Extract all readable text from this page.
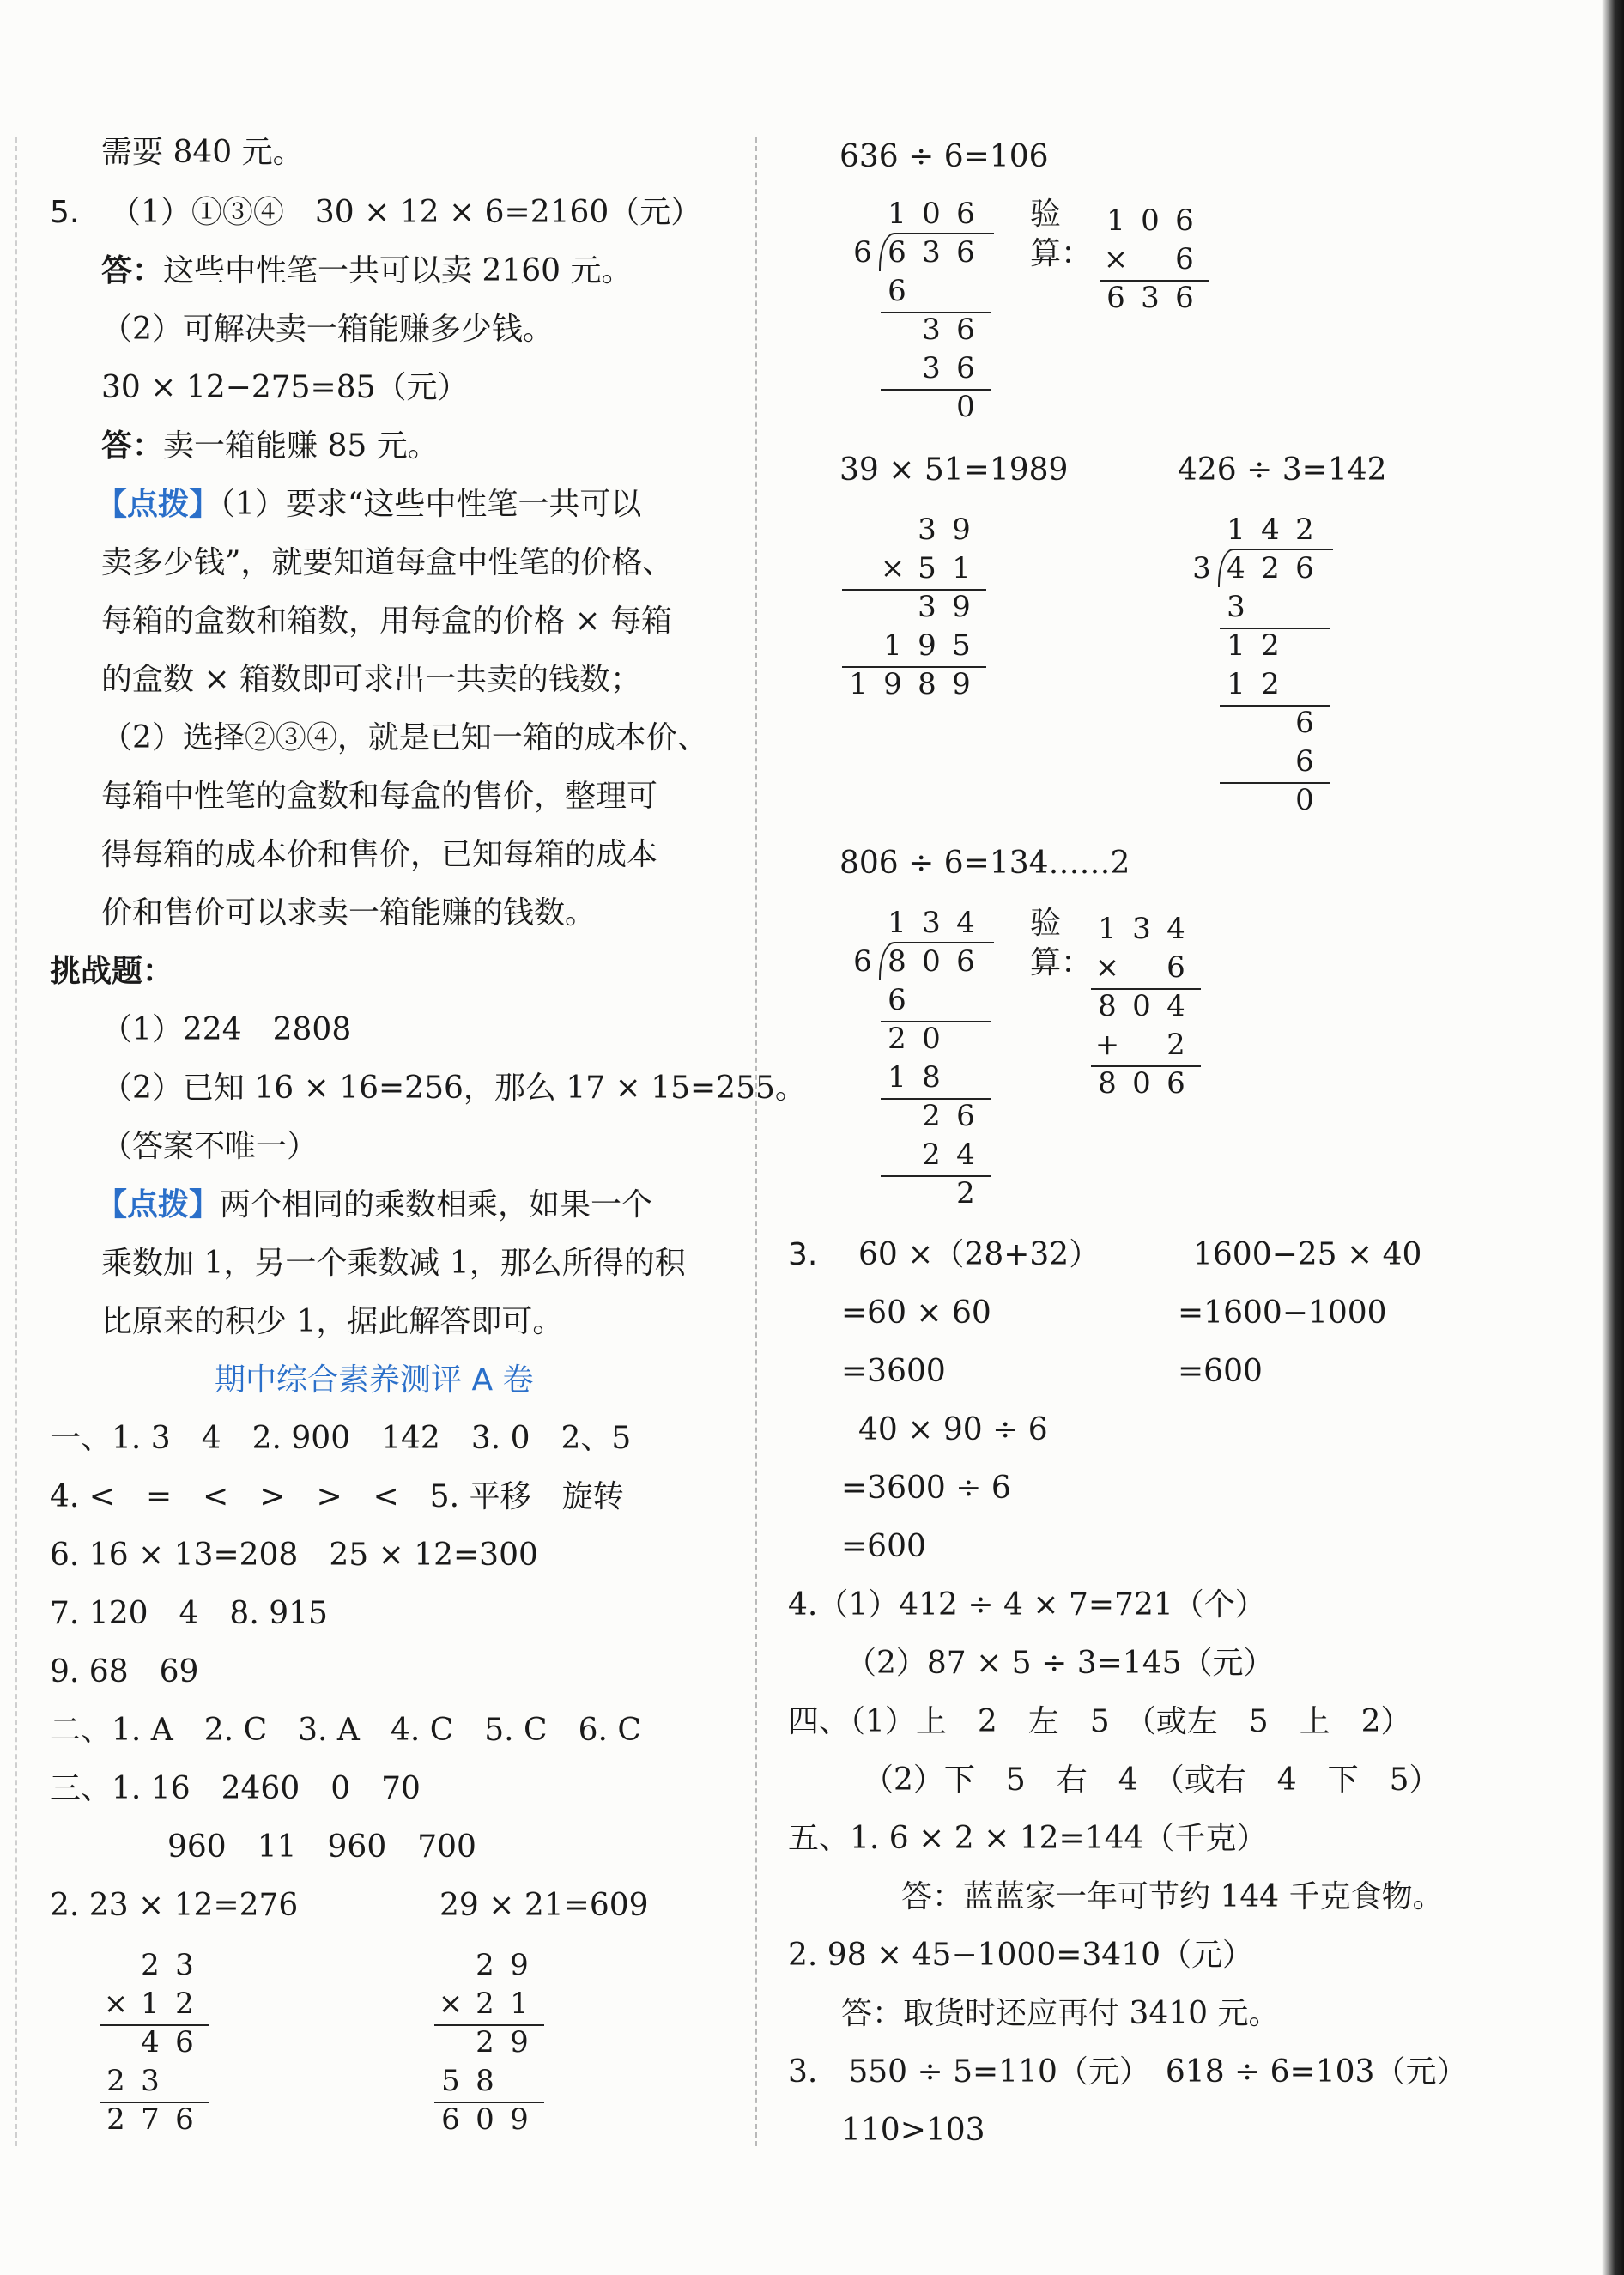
需要 840 元。
5. （1）①③④　30 × 12 × 6=2160（元）
答：这些中性笔一共可以卖 2160 元。
（2）可解决卖一箱能赚多少钱。
30 × 12−275=85（元）
答：卖一箱能赚 85 元。
【点拨】（1）要求“这些中性笔一共可以
卖多少钱”，就要知道每盒中性笔的价格、
每箱的盒数和箱数，用每盒的价格 × 每箱
的盒数 × 箱数即可求出一共卖的钱数；
（2）选择②③④，就是已知一箱的成本价、
每箱中性笔的盒数和每盒的售价，整理可
得每箱的成本价和售价，已知每箱的成本
价和售价可以求卖一箱能赚的钱数。
挑战题：
（1）224　2808
（2）已知 16 × 16=256，那么 17 × 15=255。
（答案不唯一）
【点拨】两个相同的乘数相乘，如果一个
乘数加 1，另一个乘数减 1，那么所得的积
比原来的积少 1，据此解答即可。
期中综合素养测评 A 卷
一、1. 3　4　2. 900　142　3. 0　2、5
4. <　=　<　>　>　<　5. 平移　旋转
6. 16 × 13=208　25 × 12=300
7. 120　4　8. 915
9. 68　69
二、1. A　2. C　3. A　4. C　5. C　6. C
三、1. 16　2460　0　70
960　11　960　700
2. 23 × 12=276	29 × 21=609
2 3
× 1 2
4 6
2 3
2 7 6
2 9
× 2 1
2 9
5 8
6 0 9
636 ÷ 6=106
1 0 6
6 6 3 6
6
3 6
3 6
0
验
算：
1 0 6
× 6
6 3 6
39 × 51=1989	426 ÷ 3=142
3 9
× 5 1
3 9
1 9 5
1 9 8 9
1 4 2
3 4 2 6
3
1 2
1 2
6
6
0
806 ÷ 6=134……2
1 3 4
6 8 0 6
6
2 0
1 8
2 6
2 4
2
验
算：
1 3 4
× 6
8 0 4
+ 2
8 0 6
3. 60 ×（28+32）
=60 × 60
=3600
1600−25 × 40
=1600−1000
=600
40 × 90 ÷ 6
=3600 ÷ 6
=600
4.（1）412 ÷ 4 × 7=721（个）
（2）87 × 5 ÷ 3=145（元）
四、（1）上　2　左　5　（或左　5　上　2）
（2）下　5　右　4　（或右　4　下　5）
五、1. 6 × 2 × 12=144（千克）
答：蓝蓝家一年可节约 144 千克食物。
2. 98 × 45−1000=3410（元）
答：取货时还应再付 3410 元。
3.　550 ÷ 5=110（元）　618 ÷ 6=103（元）
110>103
